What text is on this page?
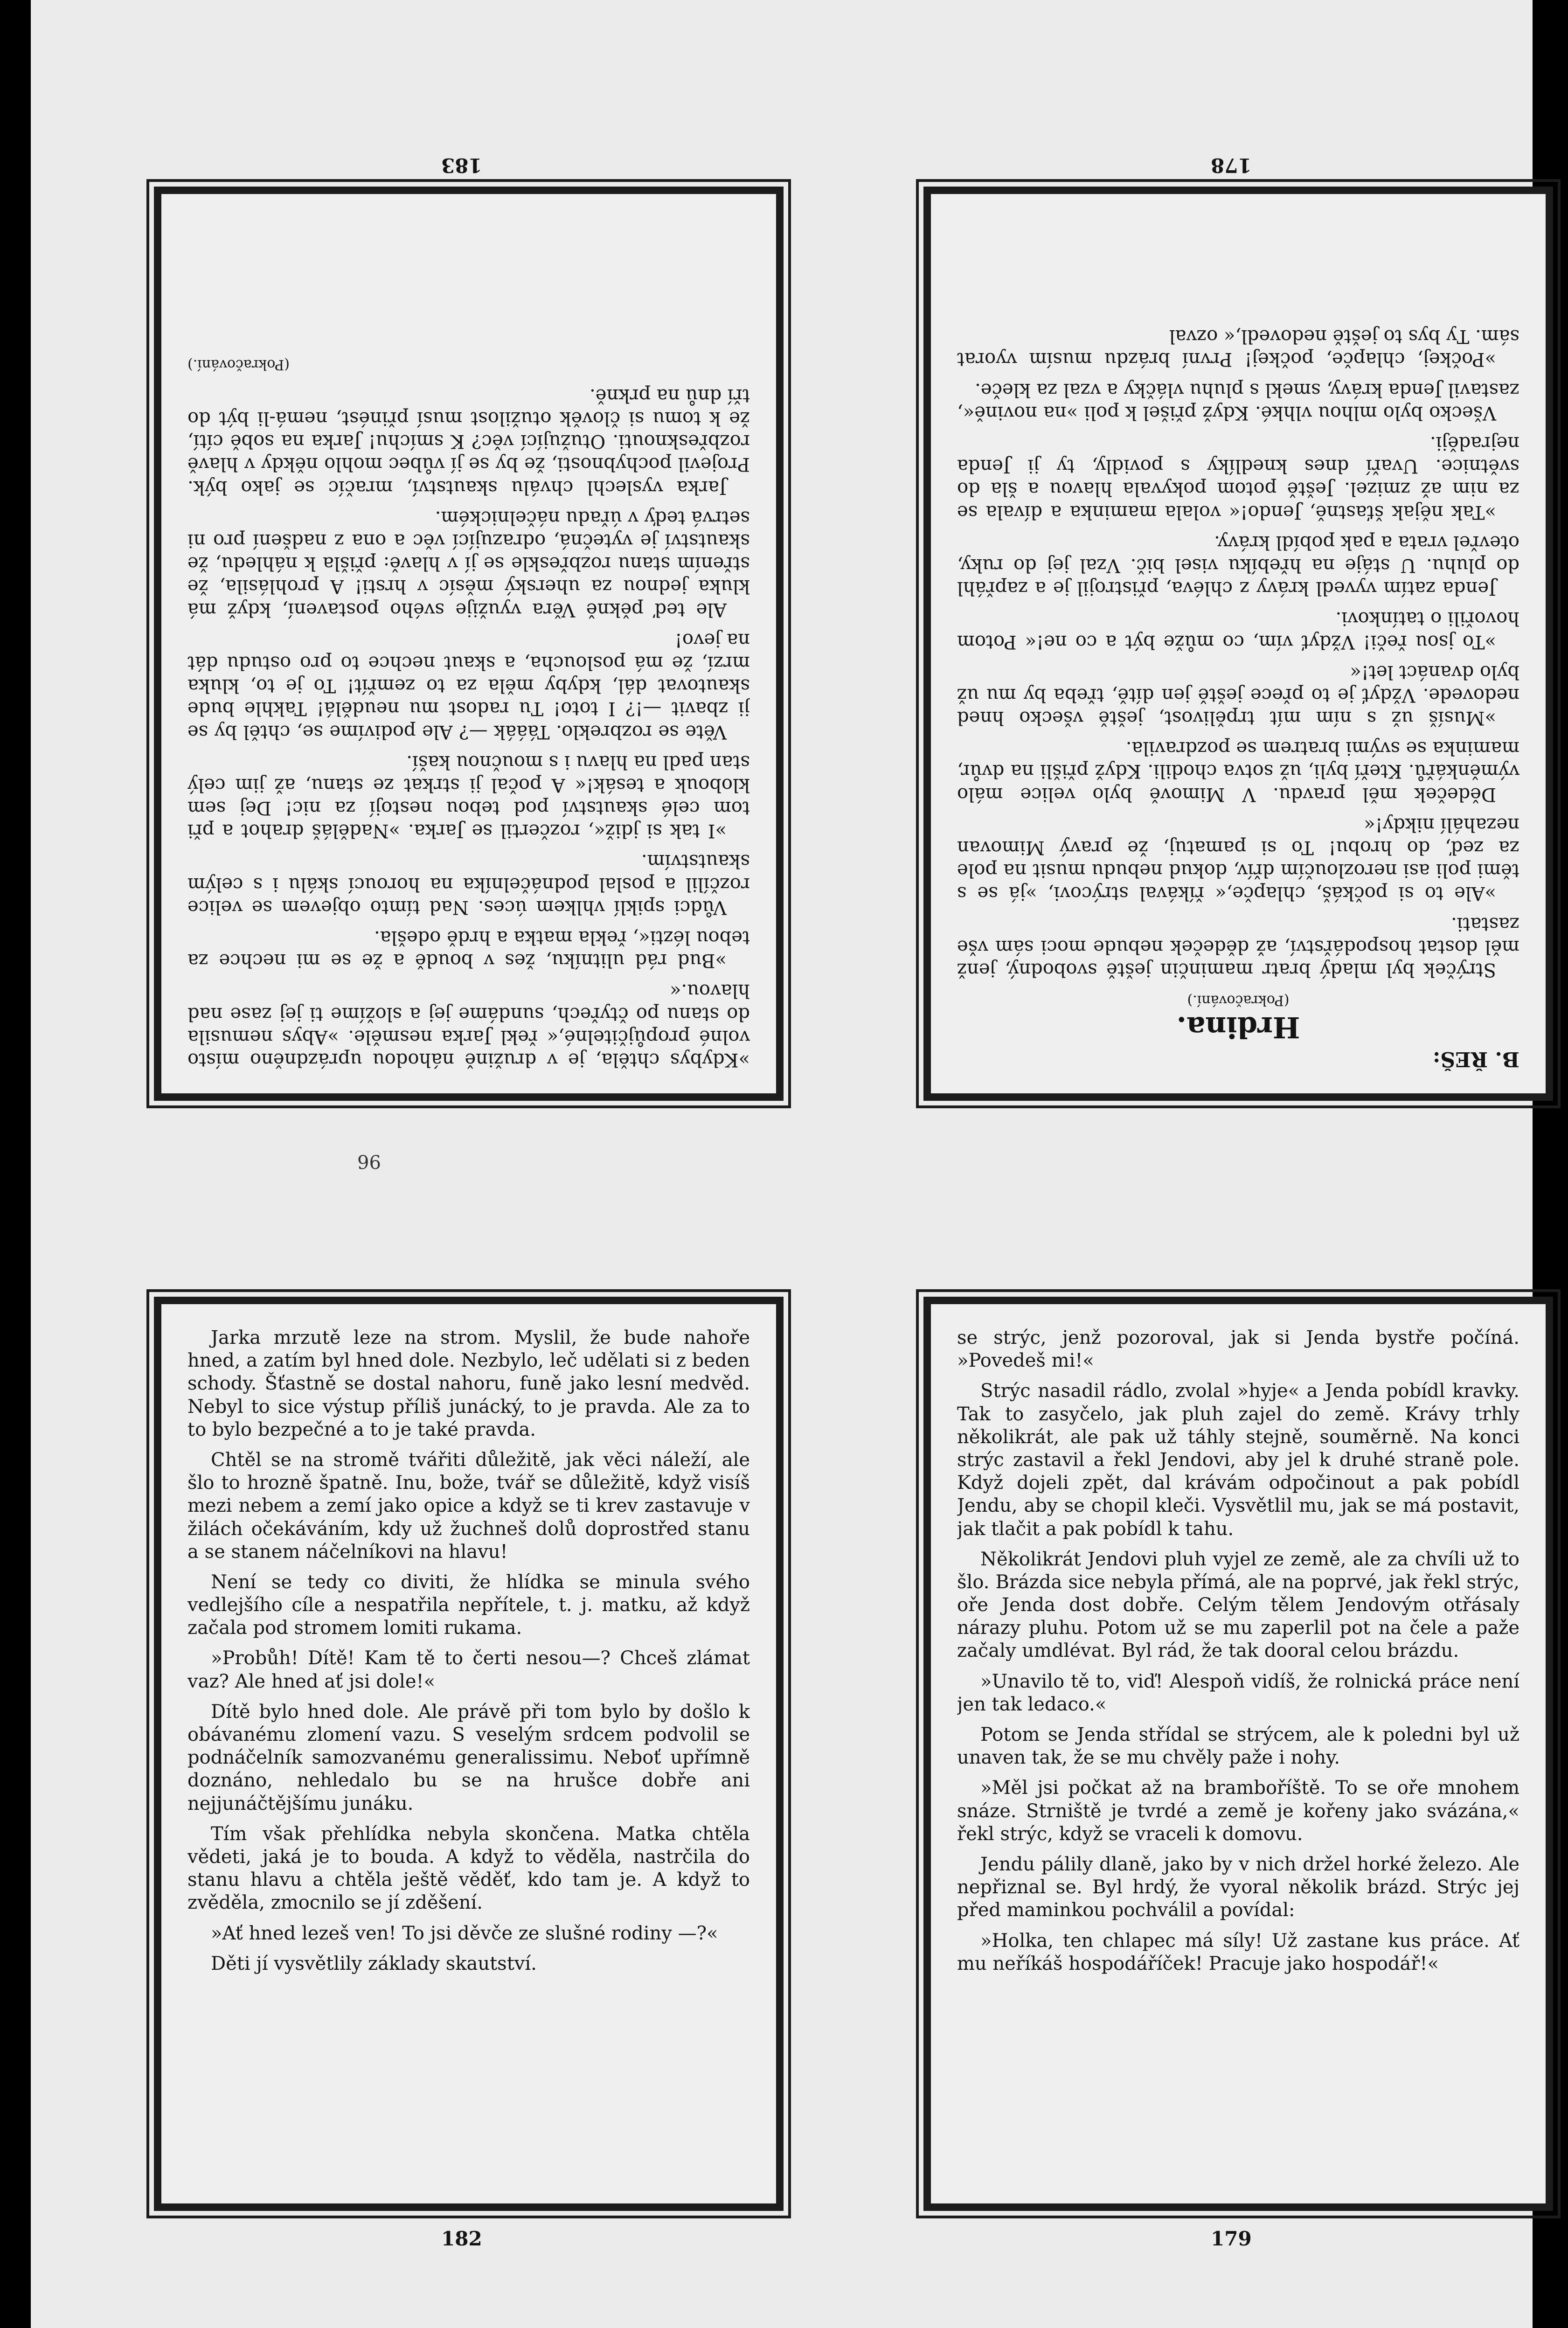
»Kdybys chtěla, je v družině náhodou uprázdněno místo volné propůjčitelné,« řekl Jarka nesměle. »Abys nemusila do stanu po čtyřech, sundáme jej a složíme ti jej zase nad hlavou.«

»Bud rád ulitníku, žes v boudě a že se mi nechce za tebou lézti«, řekla matka a hrdě odešla.

Vůdci spiklí vhlkem úces. Nad tímto objevem se velice rozčílil a poslal podnáčelníka na horoucí skálu i s celým skautstvím.

»I tak si jdiž«, rozčertil se Jarka. »Naděláš drahot a při tom celé skautství pod tebou nestojí za nic! Dej sem klobouk a tesák!« A počal ji strkat ze stanu, až jim celý stan padl na hlavu i s moučnou kaší.

Věte se rozbreklo. Tááák —? Ale podivíme se, chtěl by se ji zbavit —!? I toto! Tu radost mu neudělá! Takhle bude skautovat dál, kdyby měla za to zemřít! To je to, kluka mrzí, že má posloucha, a skaut nechce to pro ostudu dát na jevo!

Ale teď pěkně Věra využije svého postavení, když má kluka jednou za uherský měsíc v hrsti! A prohlásila, že střením stanu rozbřeskle se jí v hlavě: přišla k náhledu, že skautství je vytečná, odrazující věc a ona z nadšení pro ni setrvá teďy v úřadu náčelnickém.

Jarka vyslechl chválu skautství, mračíc se jako býk. Projevil pochybnosti, že by se jí vůbec mohlo někdy v hlavě rozbřesknouti. Otužující věc? K smíchu! Jarka na sobě cítí, že k tomu si člověk otužilost musí přinést, nemá-li být do tří dnů na prkně.

(Pokračování.)
183
B. ŘEŠ:
Hrdina.
(Pokračování.)

Strýček byl mladý bratr maminčin ještě svobodný, jenž měl dostat hospodářství, až dědeček nebude moci sám vše zastati.

»Ale to si počkáš, chlapče,« říkával strýcovi, »já se s těmi poli asi nerozloučím dřív, dokud nebudu musit na pole za zeď, do hrobu! To si pamatuj, že pravý Mimovan nezahálí nikdy!«

Dědeček měl pravdu. V Mimově bylo velice málo výměnkářů. Kteří byli, už sotva chodili. Když přišli na dvůr, maminka se svými bratrem se pozdravila.

»Musíš už s ním mít trpělivost, ještě všecko hned nedovede. Vždyť je to přece ještě jen dítě, třeba by mu už bylo dvanáct let!«

»To jsou řeči! Vždyť vím, co může být a co ne!« Potom hovořili o tatínkovi.

Jenda zatím vyvedl krávy z chléva, přistrojil je a zapřáhl do pluhu. U stáje na hřebíku visel bič. Vzal jej do ruky, otevřel vrata a pak pobídl krávy.

»Tak nějak šťastně, Jendo!« volala maminka a dívala se za nim až zmizel. Ještě potom pokyvala hlavou a šla do světnice. Uvaří dnes knedlíky s povidly, ty ji Jenda nejraději.

Všecko bylo mlhou vlhké. Když přišel k poli »na novině«, zastavil Jenda krávy, smekl s pluhu vláčky a vzal za kleče.

»Počkej, chlapče, počkej! První brázdu musím vyorat sám. Ty bys to ještě nedovedl,« ozval

178
96

Jarka mrzutě leze na strom. Myslil, že bude nahoře hned, a zatím byl hned dole. Nezbylo, leč udělati si z beden schody. Šťastně se dostal nahoru, funě jako lesní medvěd. Nebyl to sice výstup příliš junácký, to je pravda. Ale za to to bylo bezpečné a to je také pravda.

Chtěl se na stromě tvářiti důležitě, jak věci náleží, ale šlo to hrozně špatně. Inu, bože, tvář se důležitě, když visíš mezi nebem a zemí jako opice a když se ti krev zastavuje v žilách očekáváním, kdy už žuchneš dolů doprostřed stanu a se stanem náčelníkovi na hlavu!

Není se tedy co diviti, že hlídka se minula svého vedlejšího cíle a nespatřila nepřítele, t. j. matku, až když začala pod stromem lomiti rukama.

»Probůh! Dítě! Kam tě to čerti nesou—? Chceš zlámat vaz? Ale hned ať jsi dole!«

Dítě bylo hned dole. Ale právě při tom bylo by došlo k obávanému zlomení vazu. S veselým srdcem podvolil se podnáčelník samozvanému generalissimu. Neboť upřímně doznáno, nehledalo bu se na hrušce dobře ani nejjunáčtějšímu junáku.

Tím však přehlídka nebyla skončena. Matka chtěla vědeti, jaká je to bouda. A když to věděla, nastrčila do stanu hlavu a chtěla ještě věděť, kdo tam je. A když to zvěděla, zmocnilo se jí zděšení.

»Ať hned lezeš ven! To jsi děvče ze slušné rodiny —?«

Děti jí vysvětlily základy skautství.

182

se strýc, jenž pozoroval, jak si Jenda bystře počíná. »Povedeš mi!«

Strýc nasadil rádlo, zvolal »hyje« a Jenda pobídl kravky. Tak to zasyčelo, jak pluh zajel do země. Krávy trhly několikrát, ale pak už táhly stejně, souměrně. Na konci strýc zastavil a řekl Jendovi, aby jel k druhé straně pole. Když dojeli zpět, dal krávám odpočinout a pak pobídl Jendu, aby se chopil kleči. Vysvětlil mu, jak se má postavit, jak tlačit a pak pobídl k tahu.

Několikrát Jendovi pluh vyjel ze země, ale za chvíli už to šlo. Brázda sice nebyla přímá, ale na poprvé, jak řekl strýc, oře Jenda dost dobře. Celým tělem Jendovým otřásaly nárazy pluhu. Potom už se mu zaperlil pot na čele a paže začaly umdlévat. Byl rád, že tak dooral celou brázdu.

»Unavilo tě to, viď! Alespoň vidíš, že rolnická práce není jen tak ledaco.«

Potom se Jenda střídal se strýcem, ale k poledni byl už unaven tak, že se mu chvěly paže i nohy.

»Měl jsi počkat až na bramboříště. To se oře mnohem snáze. Strniště je tvrdé a země je kořeny jako svázána,« řekl strýc, když se vraceli k domovu.

Jendu pálily dlaně, jako by v nich držel horké železo. Ale nepřiznal se. Byl hrdý, že vyoral několik brázd. Strýc jej před maminkou pochválil a povídal:

»Holka, ten chlapec má síly! Už zastane kus práce. Ať mu neříkáš hospodáříček! Pracuje jako hospodář!«

179
